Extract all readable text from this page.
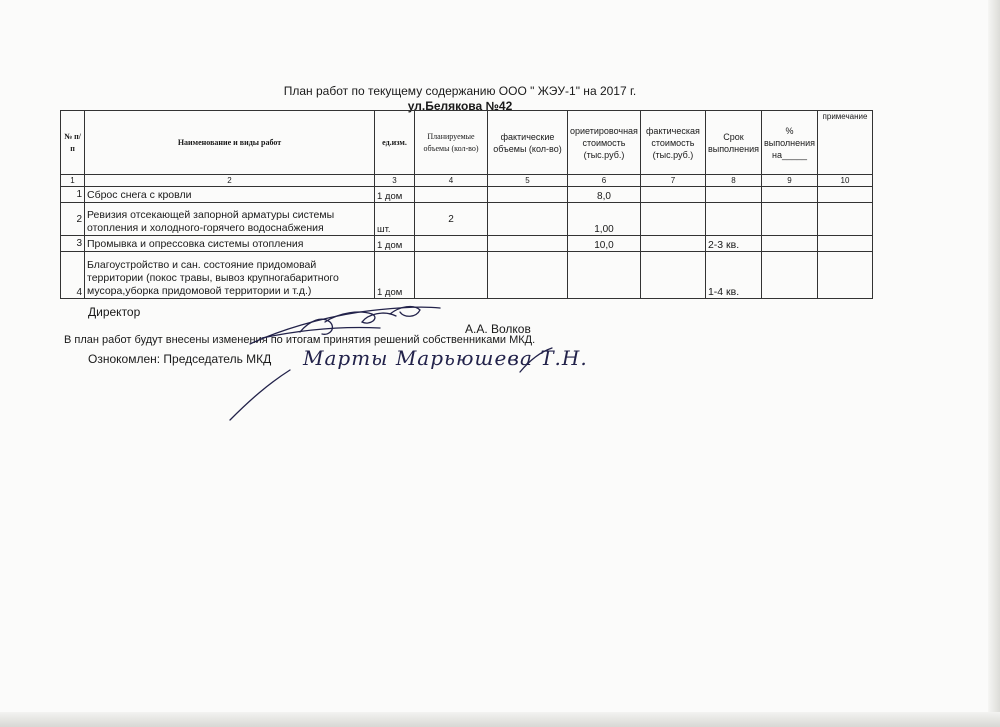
План работ по текущему содержанию ООО " ЖЭУ-1" на 2017 г.
ул.Белякова №42
№ п/п	Наименование и виды работ	ед.изм.	Планируемые объемы (кол-во)	фактические объемы (кол-во)	ориетировочная стоимость (тыс.руб.)	фактическая стоимость (тыс.руб.)	Срок выполнения	% выполнения на_____	примечание
1	2	3	4	5	6	7	8	9	10
1	Сброс снега с кровли	1 дом			8,0				
2	Ревизия отсекающей запорной арматуры системы отопления и холодного-горячего водоснабжения	шт.	2		1,00				
3	Промывка и опрессовка системы отопления	1 дом			10,0		2-3 кв.		
4	Благоустройство и сан. состояние придомовай территории (покос травы, вывоз крупногабаритного мусора,уборка придомовой территории и т.д.)	1 дом					1-4 кв.		
Директор
А.А. Волков
В план работ будут внесены изменения по итогам принятия решений собственниками МКД.
Ознокомлен: Председатель МКД Марты Марьюшева Т.Н.
